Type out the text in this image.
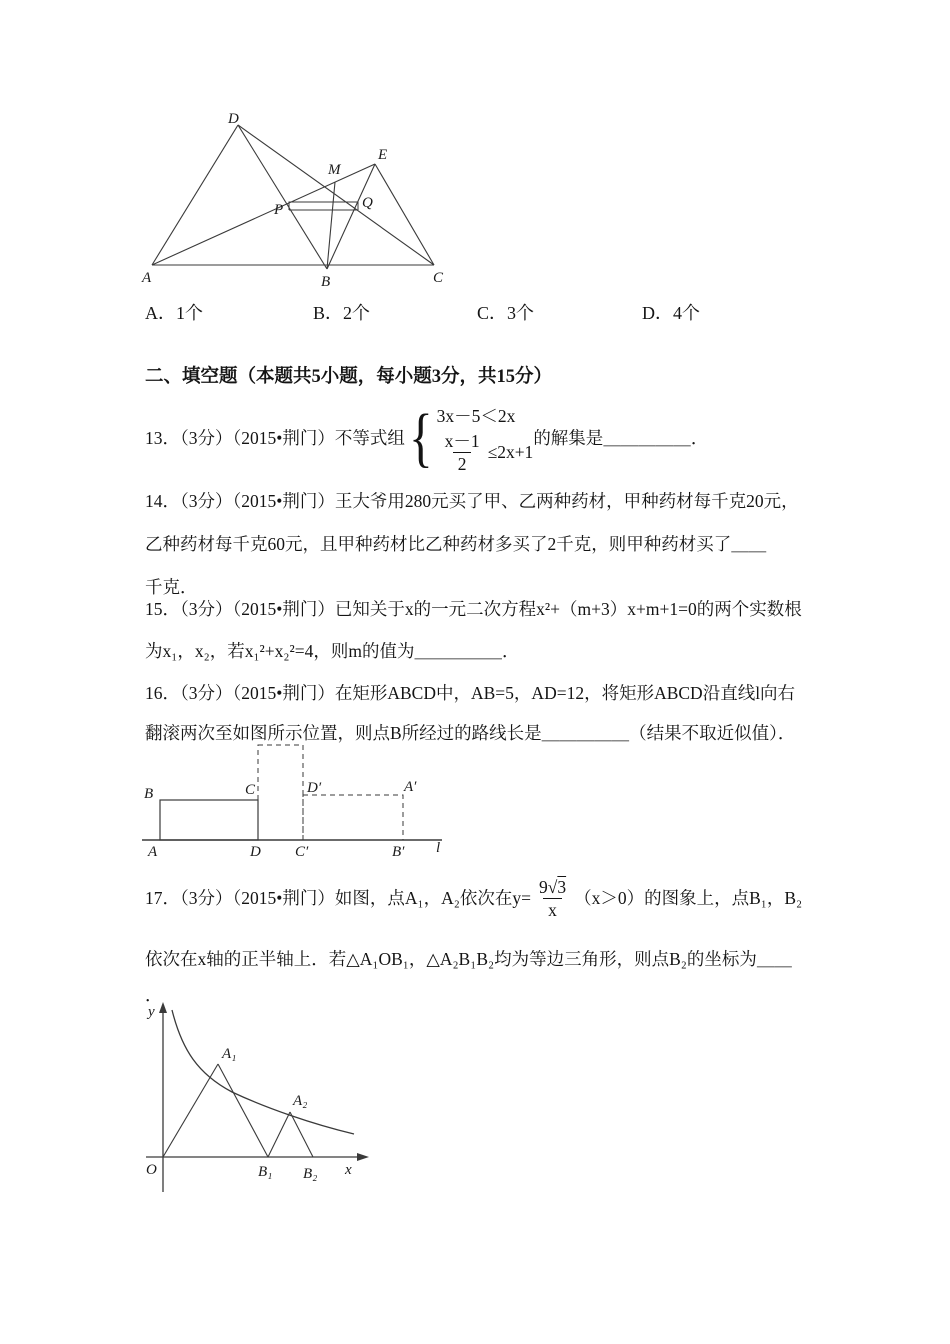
D
E
M
P	Q
A	B	C
A．1个	B．2个	C．3个	D．4个
二、填空题（本题共5小题，每小题3分，共15分）
13．（3分）（2015•荆门）不等式组 { 3x－5＜2x
$\frac{x-1}{2} \le 2x+1$
的解集是 ＿＿＿＿＿ ．
14．（3分）（2015•荆门）王大爷用280元买了甲、乙两种药材，甲种药材每千克20元，
乙种药材每千克60元，且甲种药材比乙种药材多买了2千克，则甲种药材买了＿＿
千克．
15．（3分）（2015•荆门）已知关于x的一元二次方程x²+（m+3）x+m+1=0的两个实数根
为x₁，x₂，若x₁²+x₂²=4，则m的值为＿＿＿＿＿．
16．（3分）（2015•荆门）在矩形ABCD中，AB=5，AD=12，将矩形ABCD沿直线l向右
翻滚两次至如图所示位置，则点B所经过的路线长是＿＿＿＿＿（结果不取近似值）．
B	C	D′	A′
A	D C′	B′ l
17．（3分）（2015•荆门）如图，点A₁，A₂依次在$y= \frac{9√3}{x} (x>0)$的图象上，点B₁，B₂
依次在x轴的正半轴上．若△A₁OB₁，△A₂B₁B₂均为等边三角形，则点B₂的坐标为＿＿
．
y
O
A₁
A₂
B₁ B₂ x
